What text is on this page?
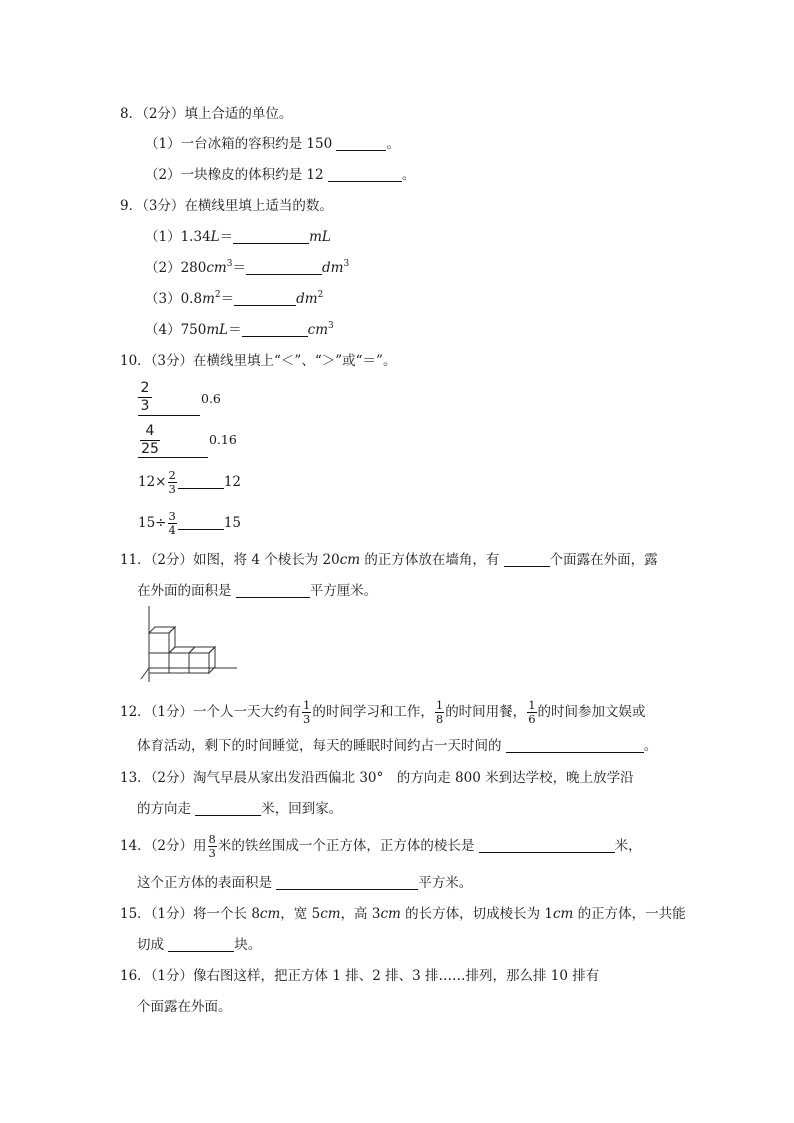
8．（2分）填上合适的单位。
（1）一台冰箱的容积约是 150	。
（2）一块橡皮的体积约是 12	。
9．（3分）在横线里填上适当的数。
（1）1.34L＝	mL
$(2)280cm^3=$	$dm^3$
$(3)0.8m^2=$	$dm^2$
（4）750mL＝	$cm^3$
10．（3分）在横线里填上“＜”、“＞”或“＝”。
$\frac{2}{3}$	0.6
$\frac{4}{25}$	0.16
$12\times \frac{2}{3}$	12
$15\div \frac{3}{4}$	15
11．（2分）如图，将 4 个棱长为 20cm 的正方体放在墙角，有	个面露在外面，露
在外面的面积是	平方厘米。
12．（1分）一个人一天大约有 $\frac{1}{3}$ 的时间学习和工作， $\frac{1}{8}$ 的时间用餐， $\frac{1}{6}$ 的时间参加文娱或
体育活动，剩下的时间睡觉，每天的睡眠时间约占一天时间的	。
13．（2分）淘气早晨从家出发沿西偏北 30°　的方向走 800 米到达学校，晚上放学沿
的方向走	米，回到家。
14．（2分）用 $\frac{8}{3}$ 米的铁丝围成一个正方体，正方体的棱长是	米，
这个正方体的表面积是	平方米。
15．（1分）将一个长 8cm，宽 5cm，高 3cm 的长方体，切成棱长为 1cm 的正方体，一共能
切成	块。
16．（1分）像右图这样，把正方体 1 排、2 排、3 排……排列，那么排 10 排有
个面露在外面。
